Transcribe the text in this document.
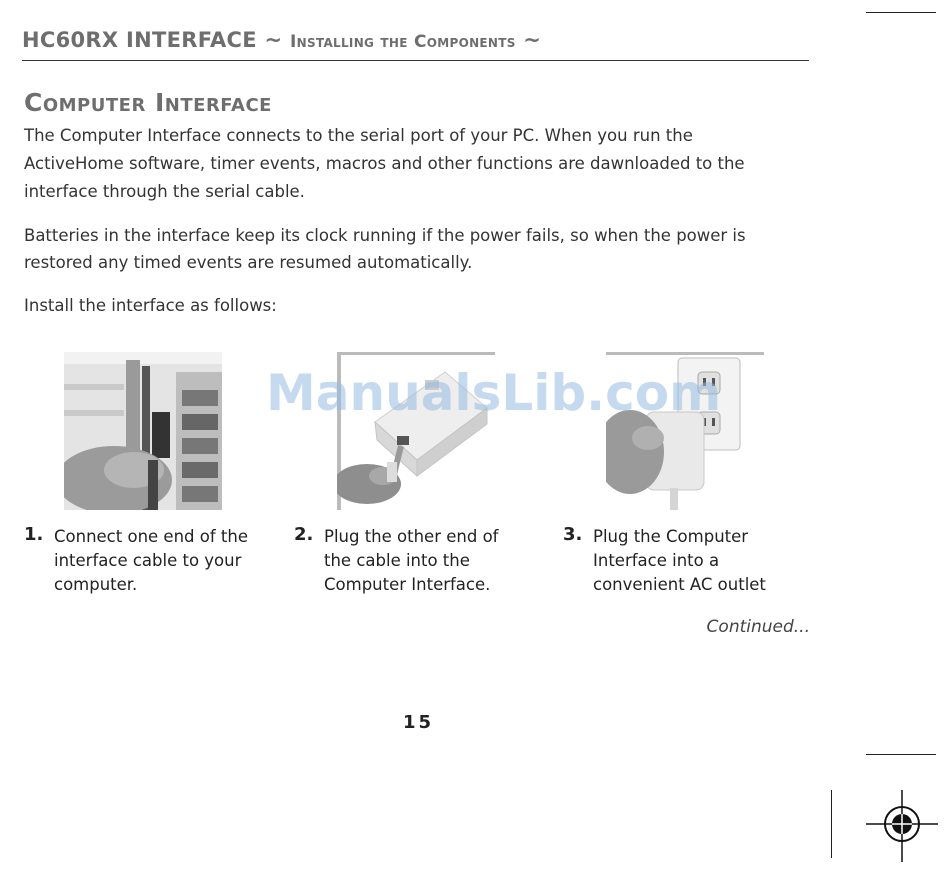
HC60RX INTERFACE ~ Installing the Components ~
Computer Interface
The Computer Interface connects to the serial port of your PC. When you run the ActiveHome software, timer events, macros and other functions are dawnloaded to the interface through the serial cable.
Batteries in the interface keep its clock running if the power fails, so when the power is restored any timed events are resumed automatically.
Install the interface as follows:
1. Connect one end of the interface cable to your computer.
2. Plug the other end of the cable into the Computer Interface.
3. Plug the Computer Interface into a convenient AC outlet
Continued...
15
ManualsLib.com
